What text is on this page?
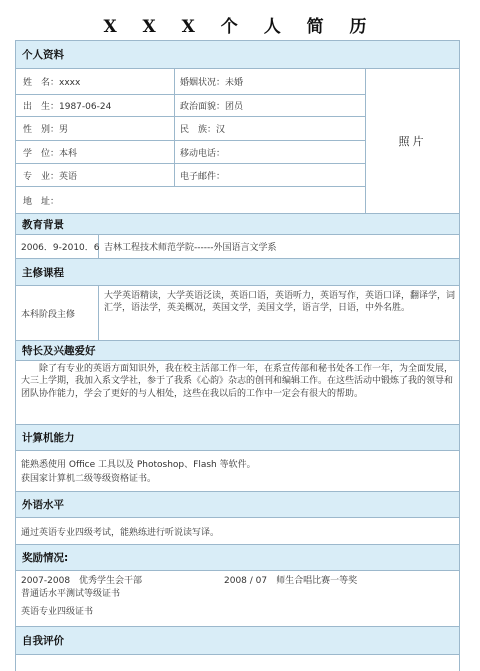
X X X 个 人 简 历
个人资料
姓　名：xxxx	婚姻状况：未婚
出　生：1987-06-24	政治面貌：团员
性　别：男	民　族：汉
学　位：本科	移动电话：
专　业：英语	电子邮件：
地　址：
照片
教育背景
2006．9-2010．6 吉林工程技术师范学院------外国语言文学系
主修课程
本科阶段主修
大学英语精读，大学英语泛读，英语口语，英语听力，英语写作，英语口译，翻译学，词汇学，语法学，英美概况，英国文学，美国文学，语言学，日语，中外名胜。
特长及兴趣爱好
　　除了有专业的英语方面知识外，我在校主活部工作一年，在系宣传部和秘书处各工作一年，为全面发展，大三上学期，我加入系文学社，参于了我系《心韵》杂志的创刊和编辑工作。在这些活动中锻炼了我的领导和团队协作能力，学会了更好的与人相处，这些在我以后的工作中一定会有很大的帮助。
计算机能力
能熟悉使用 Office 工具以及 Photoshop、Flash 等软件。
获国家计算机二级等级资格证书。
外语水平
通过英语专业四级考试，能熟练进行听说读写译。
奖励情况:
2007-2008　优秀学生会干部	2008 / 07　师生合唱比赛一等奖
普通话水平测试等级证书
英语专业四级证书
自我评价
